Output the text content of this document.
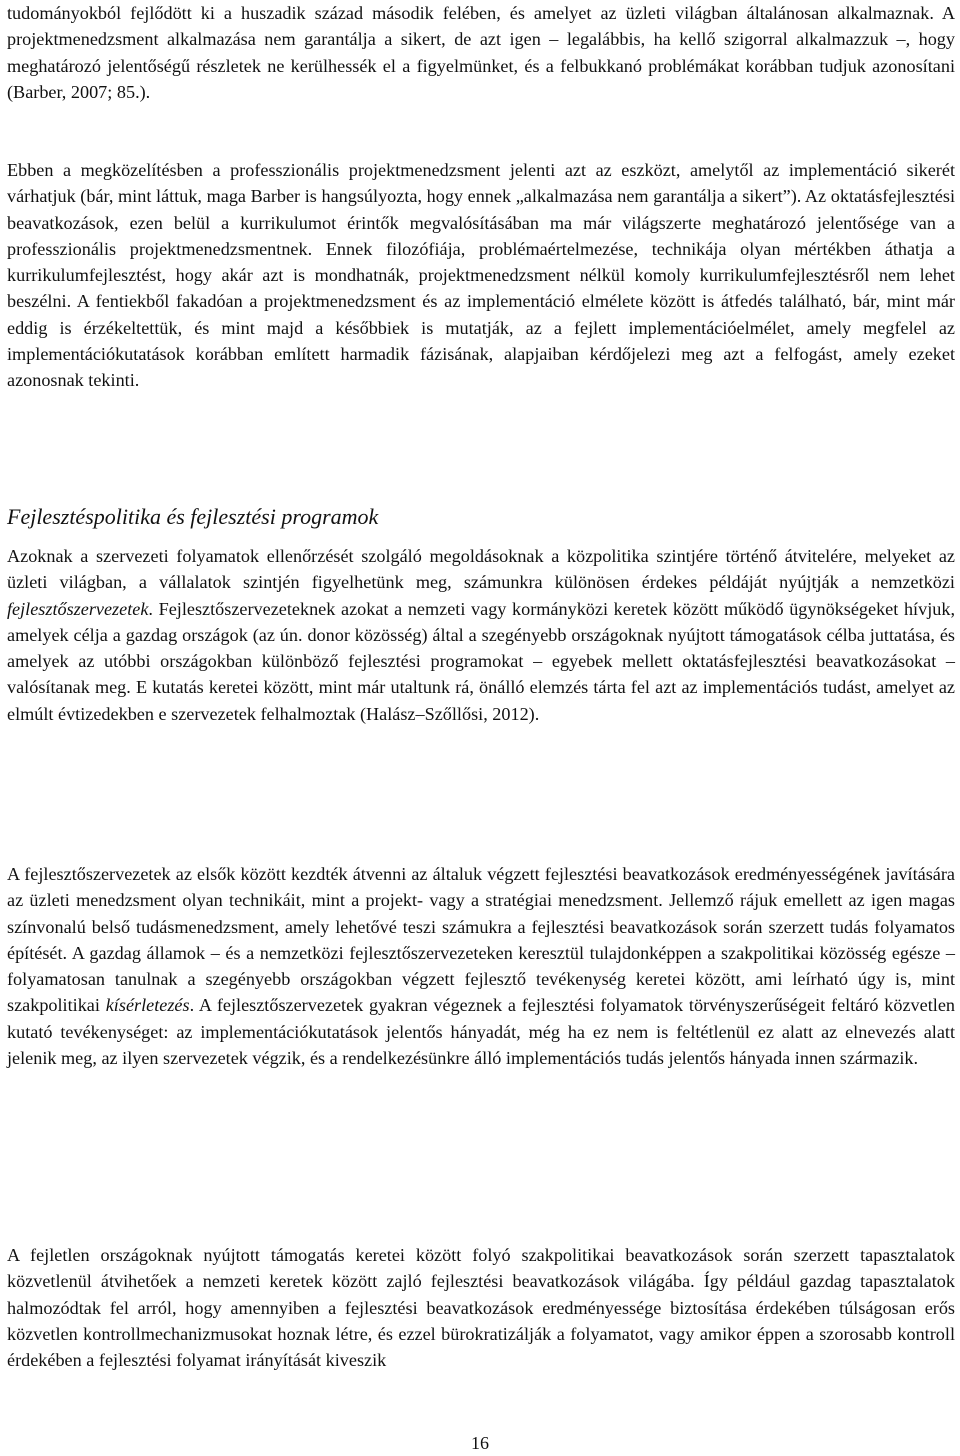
tudományokból fejlődött ki a huszadik század második felében, és amelyet az üzleti világban általánosan alkalmaznak. A projektmenedzsment alkalmazása nem garantálja a sikert, de azt igen – legalábbis, ha kellő szigorral alkalmazzuk –, hogy meghatározó jelentőségű részletek ne kerülhessék el a figyelmünket, és a felbukkanó problémákat korábban tudjuk azonosítani (Barber, 2007; 85.).

Ebben a megközelítésben a professzionális projektmenedzsment jelenti azt az eszközt, amelytől az implementáció sikerét várhatjuk (bár, mint láttuk, maga Barber is hangsúlyozta, hogy ennek „alkalmazása nem garantálja a sikert”). Az oktatásfejlesztési beavatkozások, ezen belül a kurrikulumot érintők megvalósításában ma már világszerte meghatározó jelentősége van a professzionális projektmenedzsmentnek. Ennek filozófiája, problémaértelmezése, technikája olyan mértékben áthatja a kurrikulumfejlesztést, hogy akár azt is mondhatnák, projektmenedzsment nélkül komoly kurrikulumfejlesztésről nem lehet beszélni. A fentiekből fakadóan a projektmenedzsment és az implementáció elmélete között is átfedés található, bár, mint már eddig is érzékeltettük, és mint majd a későbbiek is mutatják, az a fejlett implementációelmélet, amely megfelel az implementációkutatások korábban említett harmadik fázisának, alapjaiban kérdőjelezi meg azt a felfogást, amely ezeket azonosnak tekinti.

Fejlesztéspolitika és fejlesztési programok

Azoknak a szervezeti folyamatok ellenőrzését szolgáló megoldásoknak a közpolitika szintjére történő átvitelére, melyeket az üzleti világban, a vállalatok szintjén figyelhetünk meg, számunkra különösen érdekes példáját nyújtják a nemzetközi fejlesztőszervezetek. Fejlesztőszervezeteknek azokat a nemzeti vagy kormányközi keretek között működő ügynökségeket hívjuk, amelyek célja a gazdag országok (az ún. donor közösség) által a szegényebb országoknak nyújtott támogatások célba juttatása, és amelyek az utóbbi országokban különböző fejlesztési programokat – egyebek mellett oktatásfejlesztési beavatkozásokat – valósítanak meg. E kutatás keretei között, mint már utaltunk rá, önálló elemzés tárta fel azt az implementációs tudást, amelyet az elmúlt évtizedekben e szervezetek felhalmoztak (Halász–Szőllősi, 2012).

A fejlesztőszervezetek az elsők között kezdték átvenni az általuk végzett fejlesztési beavatkozások eredményességének javítására az üzleti menedzsment olyan technikáit, mint a projekt- vagy a stratégiai menedzsment. Jellemző rájuk emellett az igen magas színvonalú belső tudásmenedzsment, amely lehetővé teszi számukra a fejlesztési beavatkozások során szerzett tudás folyamatos építését. A gazdag államok – és a nemzetközi fejlesztőszervezeteken keresztül tulajdonképpen a szakpolitikai közösség egésze – folyamatosan tanulnak a szegényebb országokban végzett fejlesztő tevékenység keretei között, ami leírható úgy is, mint szakpolitikai kísérletezés. A fejlesztőszervezetek gyakran végeznek a fejlesztési folyamatok törvényszerűségeit feltáró közvetlen kutató tevékenységet: az implementációkutatások jelentős hányadát, még ha ez nem is feltétlenül ez alatt az elnevezés alatt jelenik meg, az ilyen szervezetek végzik, és a rendelkezésünkre álló implementációs tudás jelentős hányada innen származik.

A fejletlen országoknak nyújtott támogatás keretei között folyó szakpolitikai beavatkozások során szerzett tapasztalatok közvetlenül átvihetőek a nemzeti keretek között zajló fejlesztési beavatkozások világába. Így például gazdag tapasztalatok halmozódtak fel arról, hogy amennyiben a fejlesztési beavatkozások eredményessége biztosítása érdekében túlságosan erős közvetlen kontrollmechanizmusokat hoznak létre, és ezzel bürokratizálják a folyamatot, vagy amikor éppen a szorosabb kontroll érdekében a fejlesztési folyamat irányítását kiveszik

16
